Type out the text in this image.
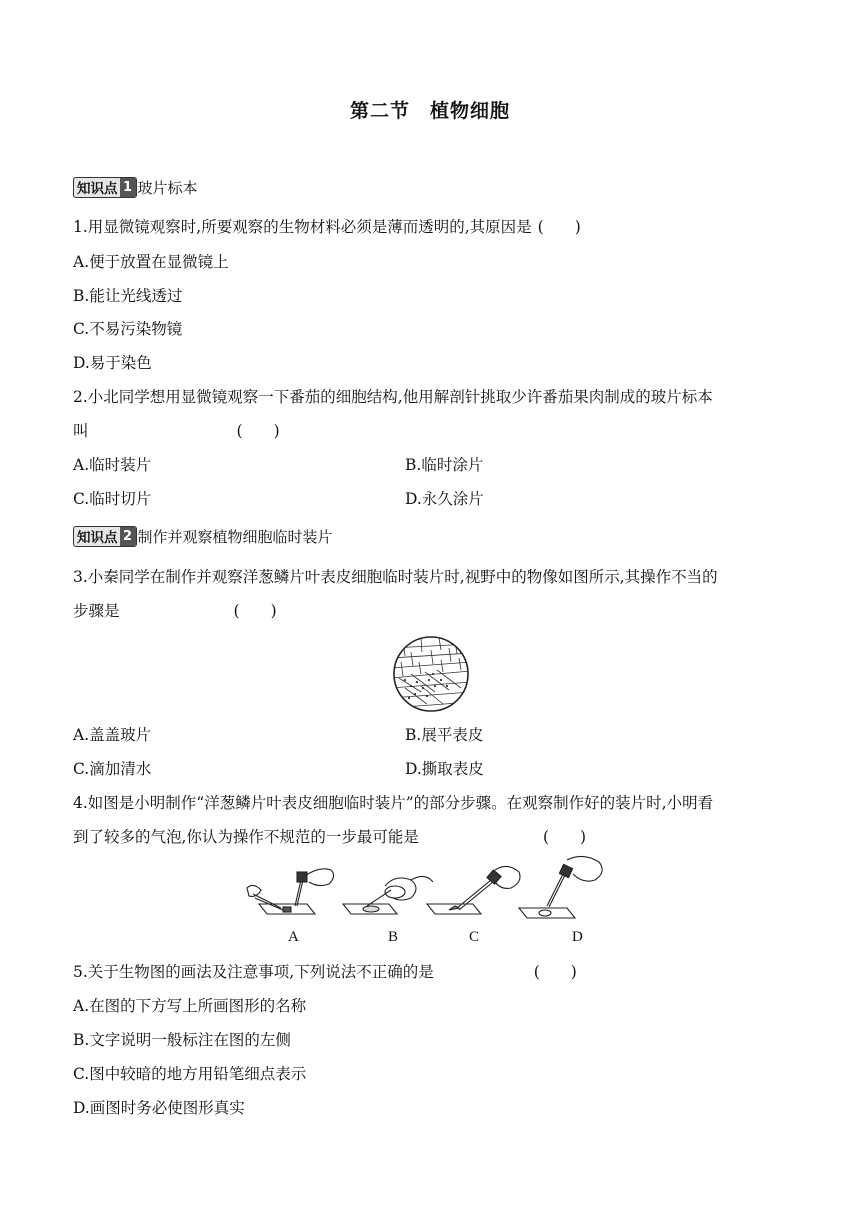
第二节　植物细胞
知识点 1 玻片标本
1.用显微镜观察时,所要观察的生物材料必须是薄而透明的,其原因是 (　　)
A.便于放置在显微镜上
B.能让光线透过
C.不易污染物镜
D.易于染色
2.小北同学想用显微镜观察一下番茄的细胞结构,他用解剖针挑取少许番茄果肉制成的玻片标本
叫	(　　)
A.临时装片	B.临时涂片
C.临时切片	D.永久涂片
知识点 2 制作并观察植物细胞临时装片
3.小秦同学在制作并观察洋葱鳞片叶表皮细胞临时装片时,视野中的物像如图所示,其操作不当的
步骤是	(　　)
A.盖盖玻片	B.展平表皮
C.滴加清水	D.撕取表皮
4.如图是小明制作“洋葱鳞片叶表皮细胞临时装片”的部分步骤。在观察制作好的装片时,小明看
到了较多的气泡,你认为操作不规范的一步最可能是	(　　)
A	B	C	D
5.关于生物图的画法及注意事项,下列说法不正确的是	(　　)
A.在图的下方写上所画图形的名称
B.文字说明一般标注在图的左侧
C.图中较暗的地方用铅笔细点表示
D.画图时务必使图形真实
